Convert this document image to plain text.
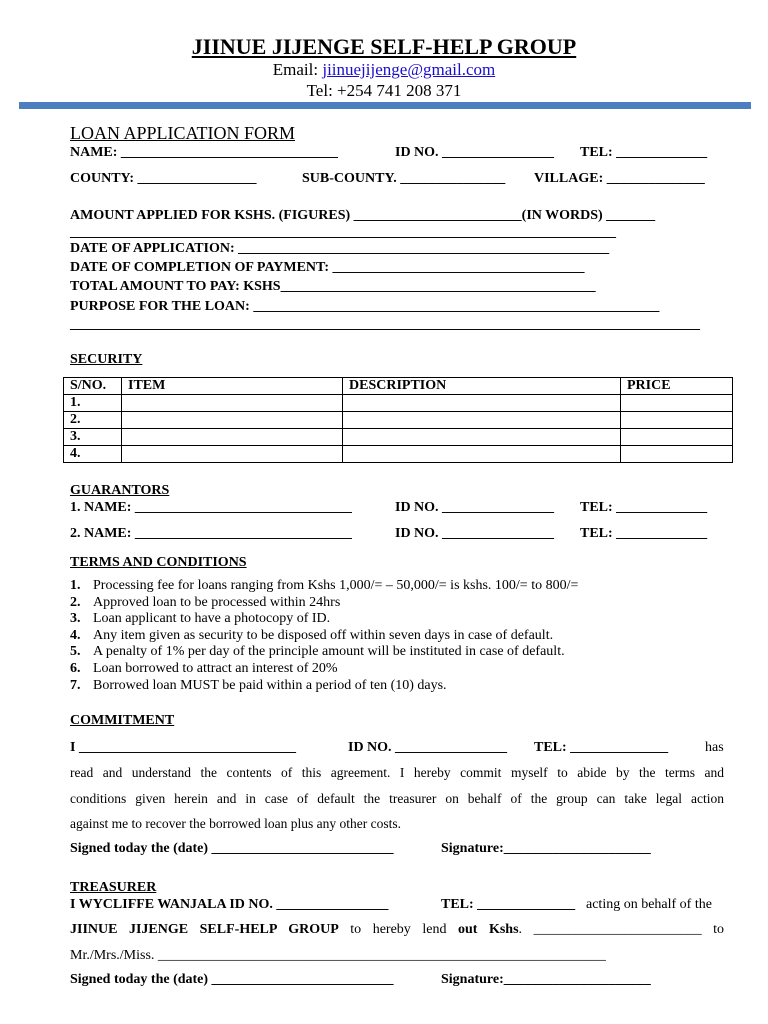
JIINUE JIJENGE SELF-HELP GROUP
Email: jiinuejijenge@gmail.com
Tel: +254 741 208 371
LOAN APPLICATION FORM
NAME: _______________________________	ID NO. ________________ TEL: _____________
COUNTY: _________________	SUB-COUNTY. _______________ VILLAGE: ______________
AMOUNT APPLIED FOR KSHS. (FIGURES) ________________________(IN WORDS) _______
______________________________________________________________________________
DATE OF APPLICATION: _____________________________________________________
DATE OF COMPLETION OF PAYMENT: ____________________________________
TOTAL AMOUNT TO PAY: KSHS_____________________________________________
PURPOSE FOR THE LOAN: __________________________________________________________
__________________________________________________________________________________________
SECURITY
S/NO.	ITEM	DESCRIPTION	PRICE
1.			
2.			
3.			
4.			
GUARANTORS
1. NAME: _______________________________	ID NO. ________________ TEL: _____________
2. NAME: _______________________________	ID NO. ________________ TEL: _____________
TERMS AND CONDITIONS
1. Processing fee for loans ranging from Kshs 1,000/= – 50,000/= is kshs. 100/= to 800/=
2. Approved loan to be processed within 24hrs
3. Loan applicant to have a photocopy of ID.
4. Any item given as security to be disposed off within seven days in case of default.
5. A penalty of 1% per day of the principle amount will be instituted in case of default.
6. Loan borrowed to attract an interest of 20%
7. Borrowed loan MUST be paid within a period of ten (10) days.
COMMITMENT
I _______________________________	ID NO. ________________ TEL: ______________	has
read and understand the contents of this agreement. I hereby commit myself to abide by the terms and
conditions given herein and in case of default the treasurer on behalf of the group can take legal action
against me to recover the borrowed loan plus any other costs.
Signed today the (date) __________________________	Signature:_____________________
TREASURER
I WYCLIFFE WANJALA ID NO. ________________	TEL: ______________ acting on behalf of the
JIINUE JIJENGE SELF-HELP GROUP to hereby lend out Kshs. ________________________ to
Mr./Mrs./Miss. ________________________________________________________________
Signed today the (date) __________________________	Signature:_____________________
